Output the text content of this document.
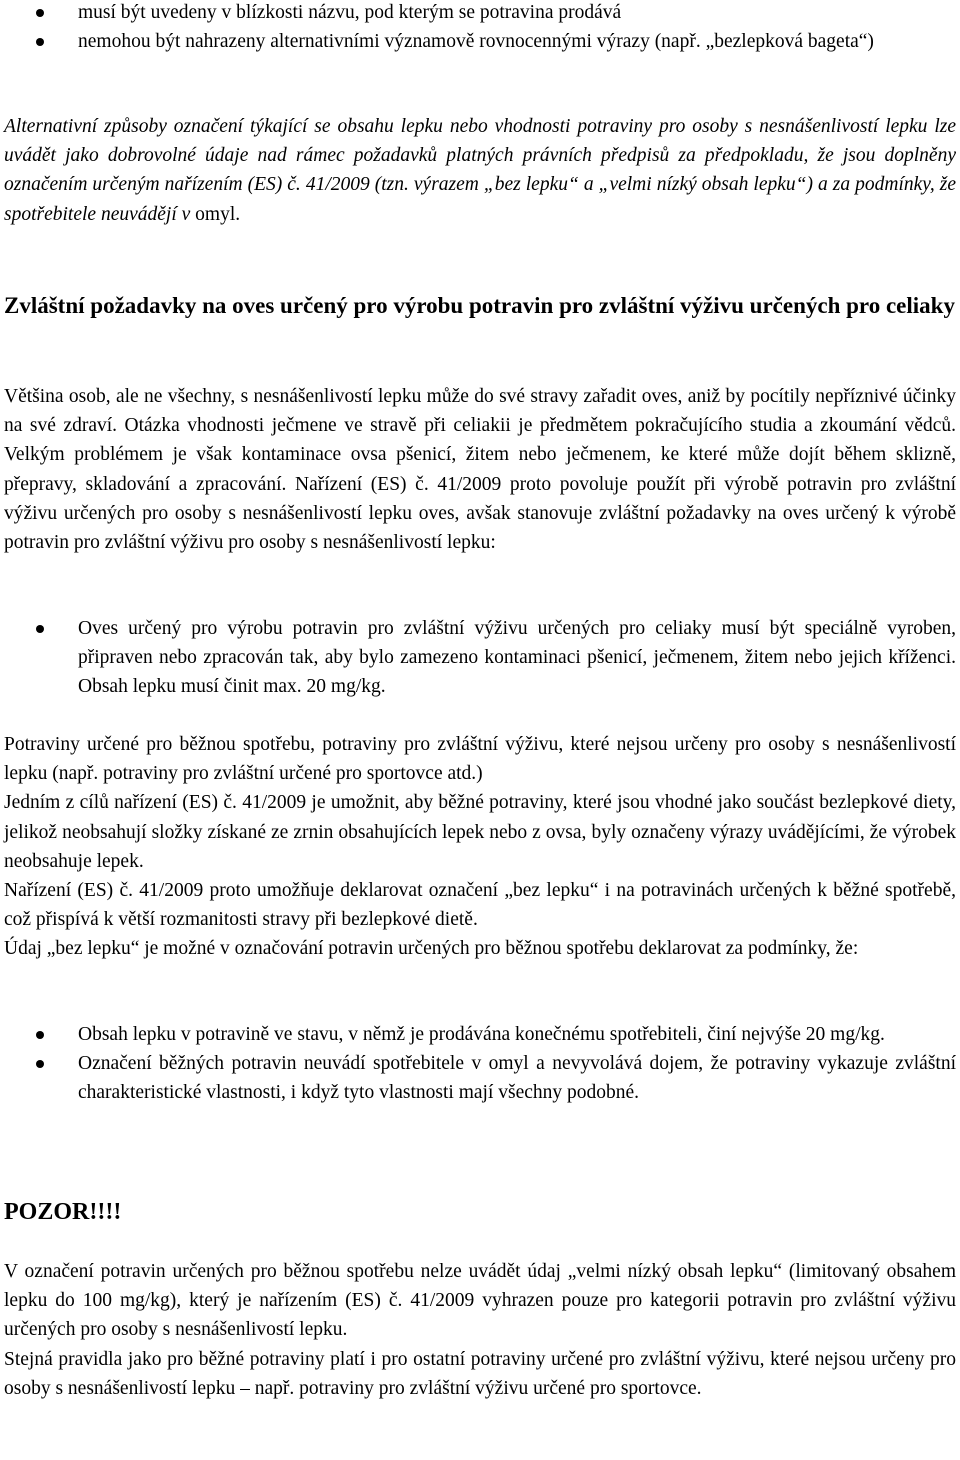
musí být uvedeny v blízkosti názvu, pod kterým se potravina prodává
nemohou být nahrazeny alternativními významově rovnocennými výrazy (např. „bezlepková bageta“)

Alternativní způsoby označení týkající se obsahu lepku nebo vhodnosti potraviny pro osoby s nesnášenlivostí lepku lze uvádět jako dobrovolné údaje nad rámec požadavků platných právních předpisů za předpokladu, že jsou doplněny označením určeným nařízením (ES) č. 41/2009 (tzn. výrazem „bez lepku“ a „velmi nízký obsah lepku“) a za podmínky, že spotřebitele neuvádějí v omyl.

Zvláštní požadavky na oves určený pro výrobu potravin pro zvláštní výživu určených pro celiaky

Většina osob, ale ne všechny, s nesnášenlivostí lepku může do své stravy zařadit oves, aniž by pocítily nepříznivé účinky na své zdraví. Otázka vhodnosti ječmene ve stravě při celiakii je předmětem pokračujícího studia a zkoumání vědců. Velkým problémem je však kontaminace ovsa pšenicí, žitem nebo ječmenem, ke které může dojít během sklizně, přepravy, skladování a zpracování. Nařízení (ES) č. 41/2009 proto povoluje použít při výrobě potravin pro zvláštní výživu určených pro osoby s nesnášenlivostí lepku oves, avšak stanovuje zvláštní požadavky na oves určený k výrobě potravin pro zvláštní výživu pro osoby s nesnášenlivostí lepku:

Oves určený pro výrobu potravin pro zvláštní výživu určených pro celiaky musí být speciálně vyroben, připraven nebo zpracován tak, aby bylo zamezeno kontaminaci pšenicí, ječmenem, žitem nebo jejich kříženci. Obsah lepku musí činit max. 20 mg/kg.

Potraviny určené pro běžnou spotřebu, potraviny pro zvláštní výživu, které nejsou určeny pro osoby s nesnášenlivostí lepku (např. potraviny pro zvláštní určené pro sportovce atd.)

Jedním z cílů nařízení (ES) č. 41/2009 je umožnit, aby běžné potraviny, které jsou vhodné jako součást bezlepkové diety, jelikož neobsahují složky získané ze zrnin obsahujících lepek nebo z ovsa, byly označeny výrazy uvádějícími, že výrobek neobsahuje lepek.

Nařízení (ES) č. 41/2009 proto umožňuje deklarovat označení „bez lepku“ i na potravinách určených k běžné spotřebě, což přispívá k větší rozmanitosti stravy při bezlepkové dietě.

Údaj „bez lepku“ je možné v označování potravin určených pro běžnou spotřebu deklarovat za podmínky, že:

Obsah lepku v potravině ve stavu, v němž je prodávána konečnému spotřebiteli, činí nejvýše 20 mg/kg.
Označení běžných potravin neuvádí spotřebitele v omyl a nevyvolává dojem, že potraviny vykazuje zvláštní charakteristické vlastnosti, i když tyto vlastnosti mají všechny podobné.

POZOR!!!!

V označení potravin určených pro běžnou spotřebu nelze uvádět údaj „velmi nízký obsah lepku“ (limitovaný obsahem lepku do 100 mg/kg), který je nařízením (ES) č. 41/2009 vyhrazen pouze pro kategorii potravin pro zvláštní výživu určených pro osoby s nesnášenlivostí lepku.

Stejná pravidla jako pro běžné potraviny platí i pro ostatní potraviny určené pro zvláštní výživu, které nejsou určeny pro osoby s nesnášenlivostí lepku – např. potraviny pro zvláštní výživu určené pro sportovce.
